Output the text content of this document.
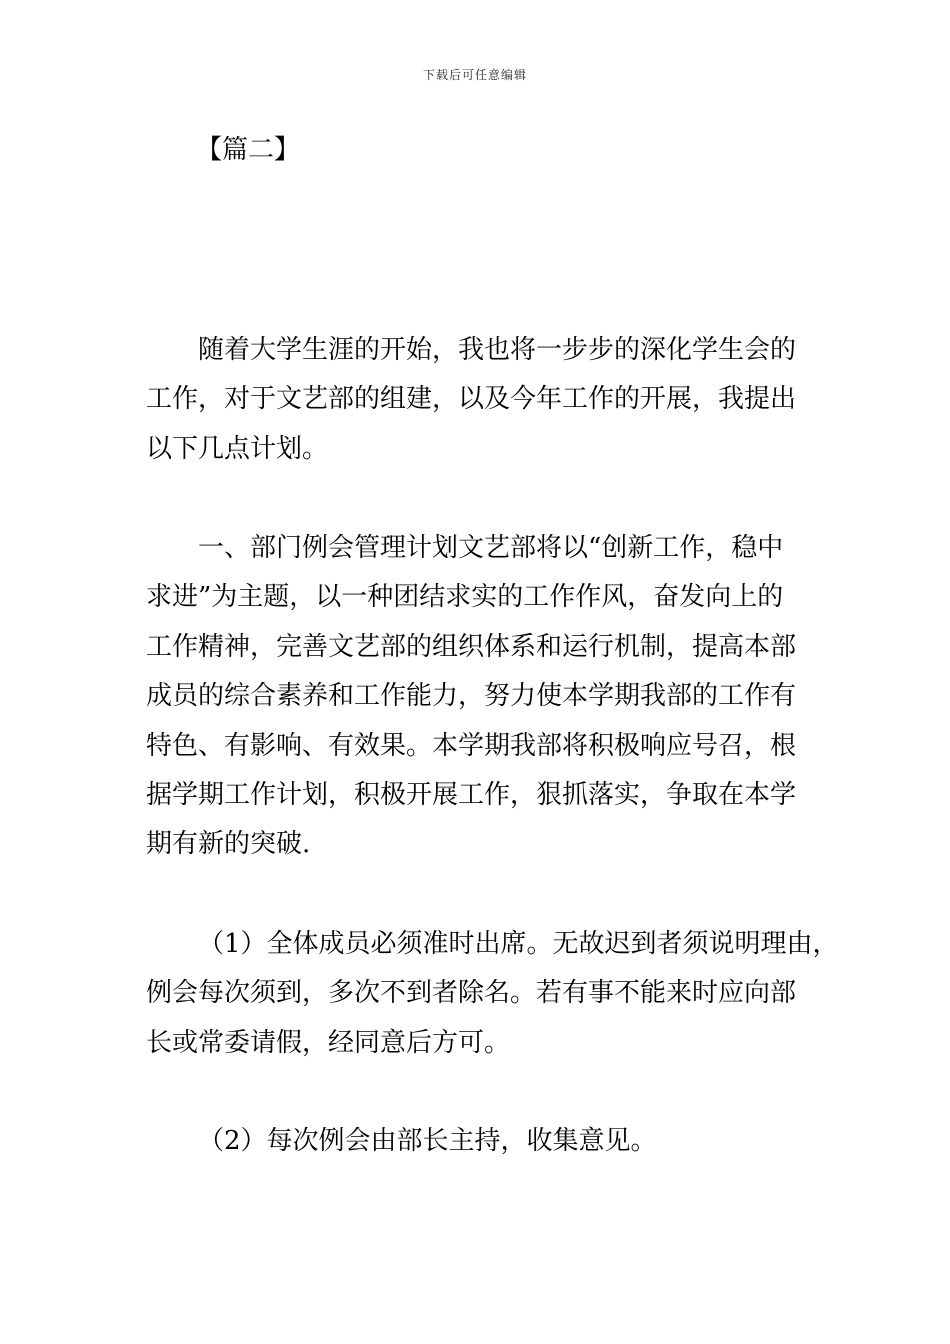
下载后可任意编辑
【篇二】
随着大学生涯的开始，我也将一步步的深化学生会的
工作，对于文艺部的组建，以及今年工作的开展，我提出
以下几点计划。
一、部门例会管理计划文艺部将以“创新工作，稳中
求进”为主题，以一种团结求实的工作作风，奋发向上的
工作精神，完善文艺部的组织体系和运行机制，提高本部
成员的综合素养和工作能力，努力使本学期我部的工作有
特色、有影响、有效果。本学期我部将积极响应号召，根
据学期工作计划，积极开展工作，狠抓落实，争取在本学
期有新的突破.
（1）全体成员必须准时出席。无故迟到者须说明理由，
例会每次须到，多次不到者除名。若有事不能来时应向部
长或常委请假，经同意后方可。
（2）每次例会由部长主持，收集意见。
